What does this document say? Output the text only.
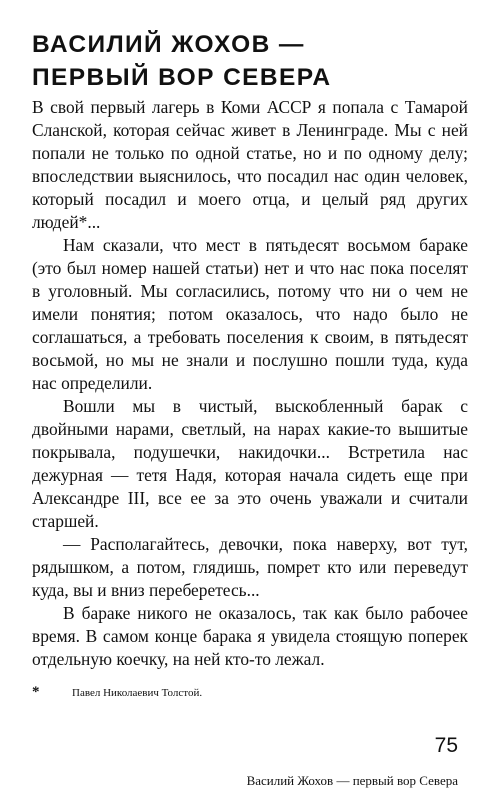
ВАСИЛИЙ ЖОХОВ —
ПЕРВЫЙ ВОР СЕВЕРА

В свой первый лагерь в Коми АССР я попала с Тамарой Сланской, которая сейчас живет в Ленинграде. Мы с ней попали не только по одной статье, но и по одному делу; впоследствии выяснилось, что посадил нас один человек, который посадил и моего отца, и целый ряд других людей*...

Нам сказали, что мест в пятьдесят восьмом бараке (это был номер нашей статьи) нет и что нас пока поселят в уголовный. Мы согласились, потому что ни о чем не имели понятия; потом оказалось, что надо было не соглашаться, а требовать поселения к своим, в пятьдесят восьмой, но мы не знали и послушно пошли туда, куда нас определили.

Вошли мы в чистый, выскобленный барак с двойными нарами, светлый, на нарах какие-то вышитые покрывала, подушечки, накидочки... Встретила нас дежурная — тетя Надя, которая начала сидеть еще при Александре III, все ее за это очень уважали и считали старшей.

— Располагайтесь, девочки, пока наверху, вот тут, рядышком, а потом, глядишь, помрет кто или переведут куда, вы и вниз переберетесь...

В бараке никого не оказалось, так как было рабочее время. В самом конце барака я увидела стоящую поперек отдельную коечку, на ней кто-то лежал.

*	Павел Николаевич Толстой.
75
Василий Жохов — первый вор Севера
